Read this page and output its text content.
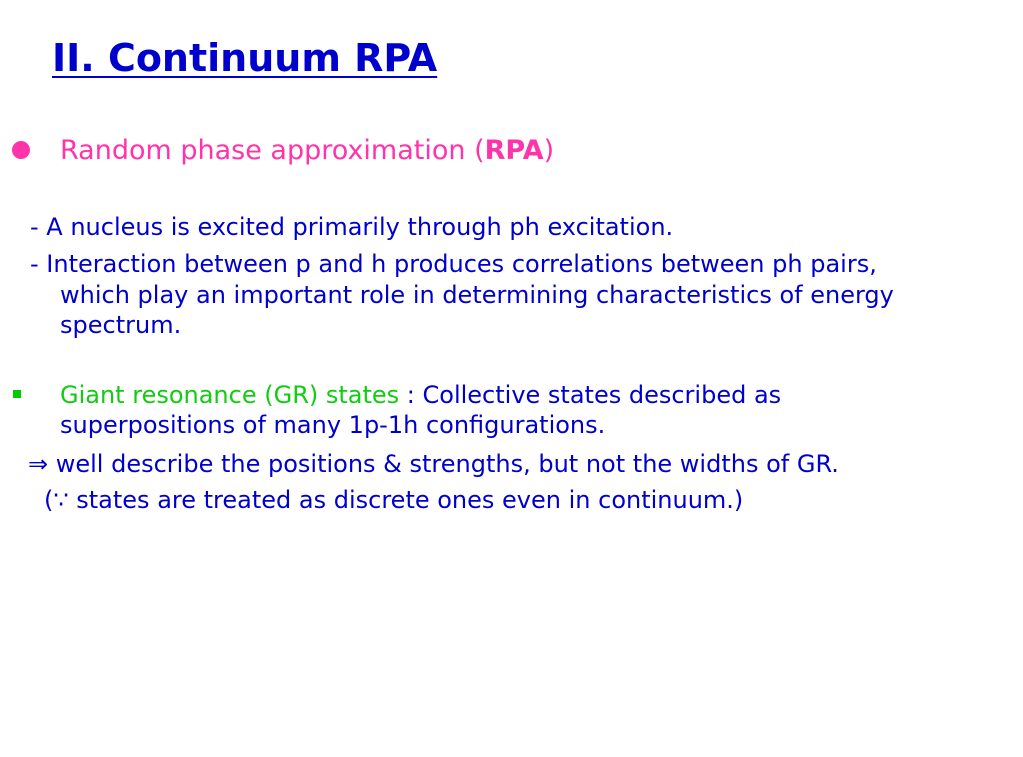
II. Continuum RPA
Random phase approximation (RPA)
- A nucleus is excited primarily through ph excitation.
- Interaction between p and h produces correlations between ph pairs,
which play an important role in determining characteristics of energy
spectrum.
Giant resonance (GR) states : Collective states described as
superpositions of many 1p-1h configurations.
⇒ well describe the positions & strengths, but not the widths of GR.
(∵ states are treated as discrete ones even in continuum.)
